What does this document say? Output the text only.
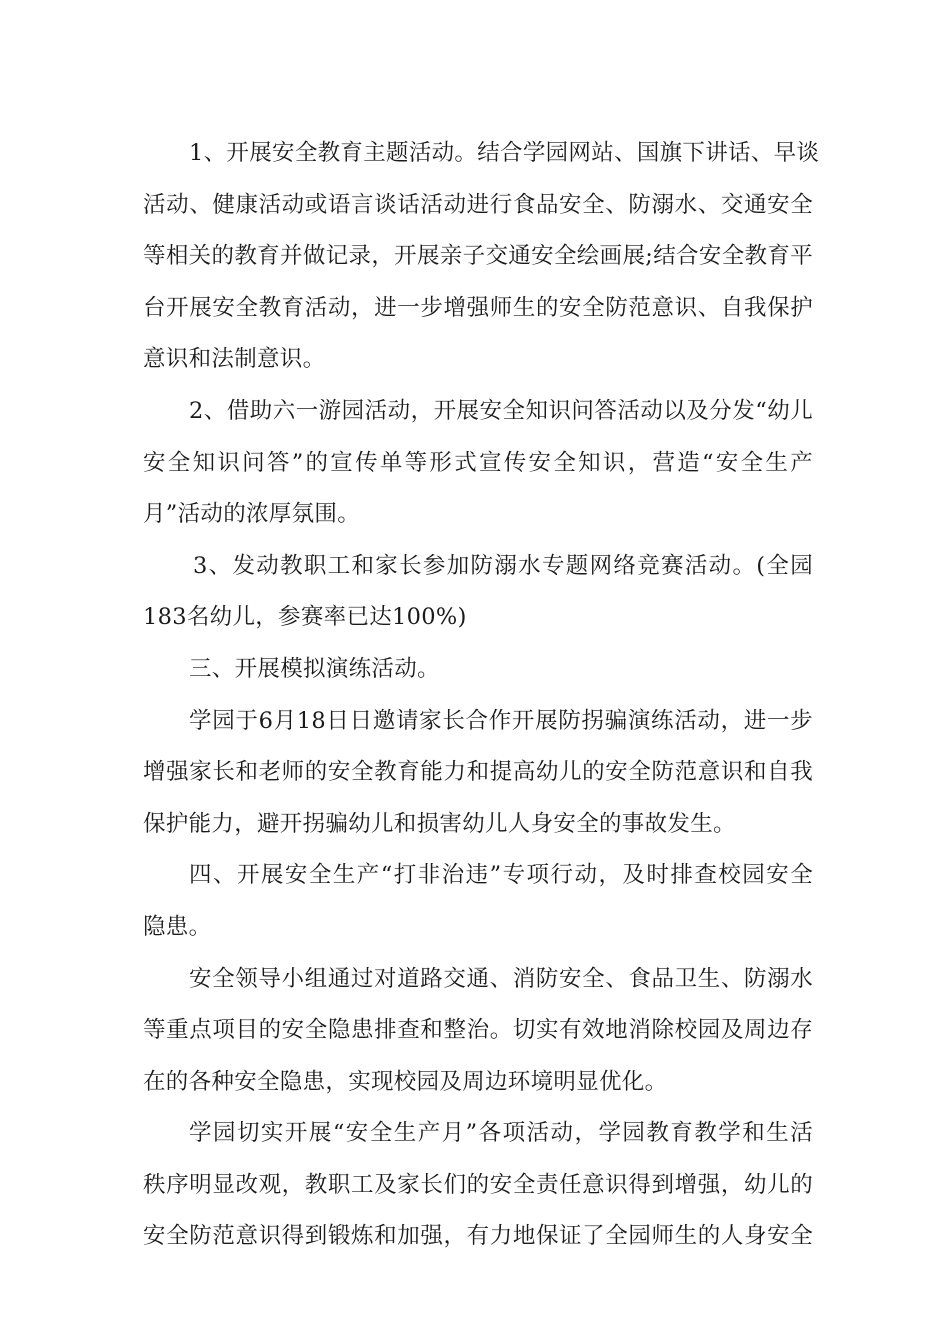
1、开展安全教育主题活动。结合学园网站、国旗下讲话、早谈
活动、健康活动或语言谈话活动进行食品安全、防溺水、交通安全
等相关的教育并做记录，开展亲子交通安全绘画展;结合安全教育平
台开展安全教育活动，进一步增强师生的安全防范意识、自我保护
意识和法制意识。
2、借助六一游园活动，开展安全知识问答活动以及分发“幼儿
安全知识问答”的宣传单等形式宣传安全知识，营造“安全生产
月”活动的浓厚氛围。
3、发动教职工和家长参加防溺水专题网络竞赛活动。(全园
183名幼儿，参赛率已达100%)
三、开展模拟演练活动。
学园于6月18日日邀请家长合作开展防拐骗演练活动，进一步
增强家长和老师的安全教育能力和提高幼儿的安全防范意识和自我
保护能力，避开拐骗幼儿和损害幼儿人身安全的事故发生。
四、开展安全生产“打非治违”专项行动，及时排查校园安全
隐患。
安全领导小组通过对道路交通、消防安全、食品卫生、防溺水
等重点项目的安全隐患排查和整治。切实有效地消除校园及周边存
在的各种安全隐患，实现校园及周边环境明显优化。
学园切实开展“安全生产月”各项活动，学园教育教学和生活
秩序明显改观，教职工及家长们的安全责任意识得到增强，幼儿的
安全防范意识得到锻炼和加强，有力地保证了全园师生的人身安全
